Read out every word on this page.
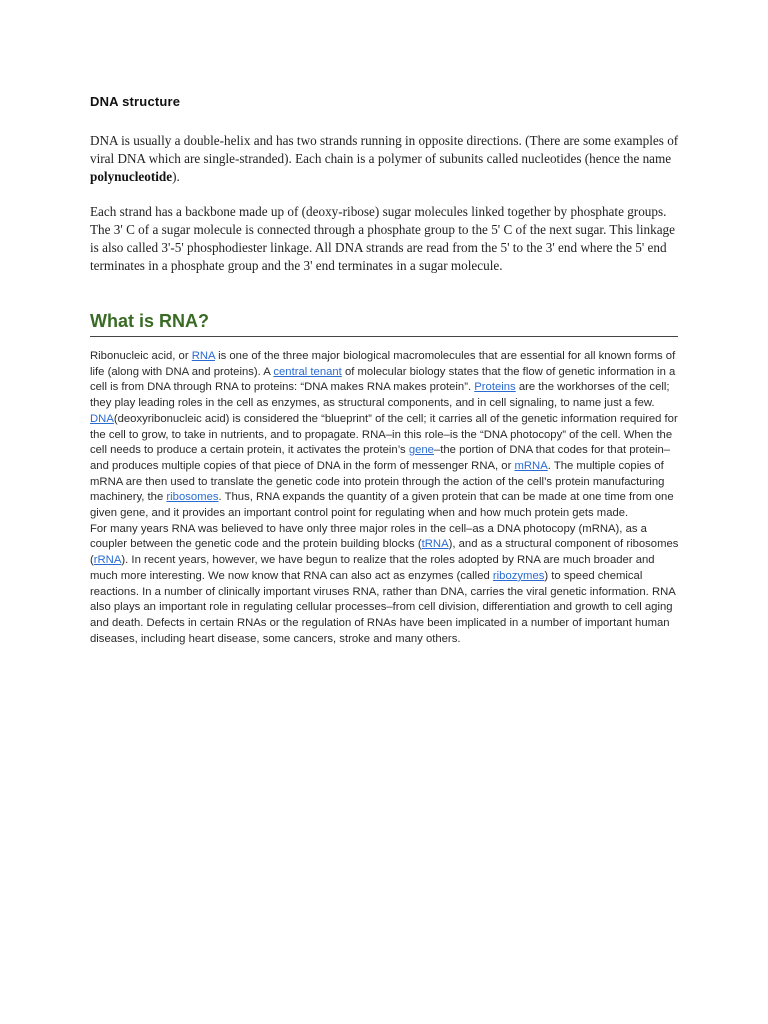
DNA structure

DNA is usually a double-helix and has two strands running in opposite directions. (There are some examples of viral DNA which are single-stranded). Each chain is a polymer of subunits called nucleotides (hence the name polynucleotide).

Each strand has a backbone made up of (deoxy-ribose) sugar molecules linked together by phosphate groups. The 3' C of a sugar molecule is connected through a phosphate group to the 5' C of the next sugar. This linkage is also called 3'-5' phosphodiester linkage. All DNA strands are read from the 5' to the 3' end where the 5' end terminates in a phosphate group and the 3' end terminates in a sugar molecule.

What is RNA?

Ribonucleic acid, or RNA is one of the three major biological macromolecules that are essential for all known forms of life (along with DNA and proteins). A central tenant of molecular biology states that the flow of genetic information in a cell is from DNA through RNA to proteins: “DNA makes RNA makes protein”. Proteins are the workhorses of the cell; they play leading roles in the cell as enzymes, as structural components, and in cell signaling, to name just a few. DNA(deoxyribonucleic acid) is considered the “blueprint” of the cell; it carries all of the genetic information required for the cell to grow, to take in nutrients, and to propagate. RNA–in this role–is the “DNA photocopy” of the cell. When the cell needs to produce a certain protein, it activates the protein’s gene–the portion of DNA that codes for that protein–and produces multiple copies of that piece of DNA in the form of messenger RNA, or mRNA. The multiple copies of mRNA are then used to translate the genetic code into protein through the action of the cell’s protein manufacturing machinery, the ribosomes. Thus, RNA expands the quantity of a given protein that can be made at one time from one given gene, and it provides an important control point for regulating when and how much protein gets made.

For many years RNA was believed to have only three major roles in the cell–as a DNA photocopy (mRNA), as a coupler between the genetic code and the protein building blocks (tRNA), and as a structural component of ribosomes (rRNA). In recent years, however, we have begun to realize that the roles adopted by RNA are much broader and much more interesting. We now know that RNA can also act as enzymes (called ribozymes) to speed chemical reactions. In a number of clinically important viruses RNA, rather than DNA, carries the viral genetic information. RNA also plays an important role in regulating cellular processes–from cell division, differentiation and growth to cell aging and death. Defects in certain RNAs or the regulation of RNAs have been implicated in a number of important human diseases, including heart disease, some cancers, stroke and many others.
